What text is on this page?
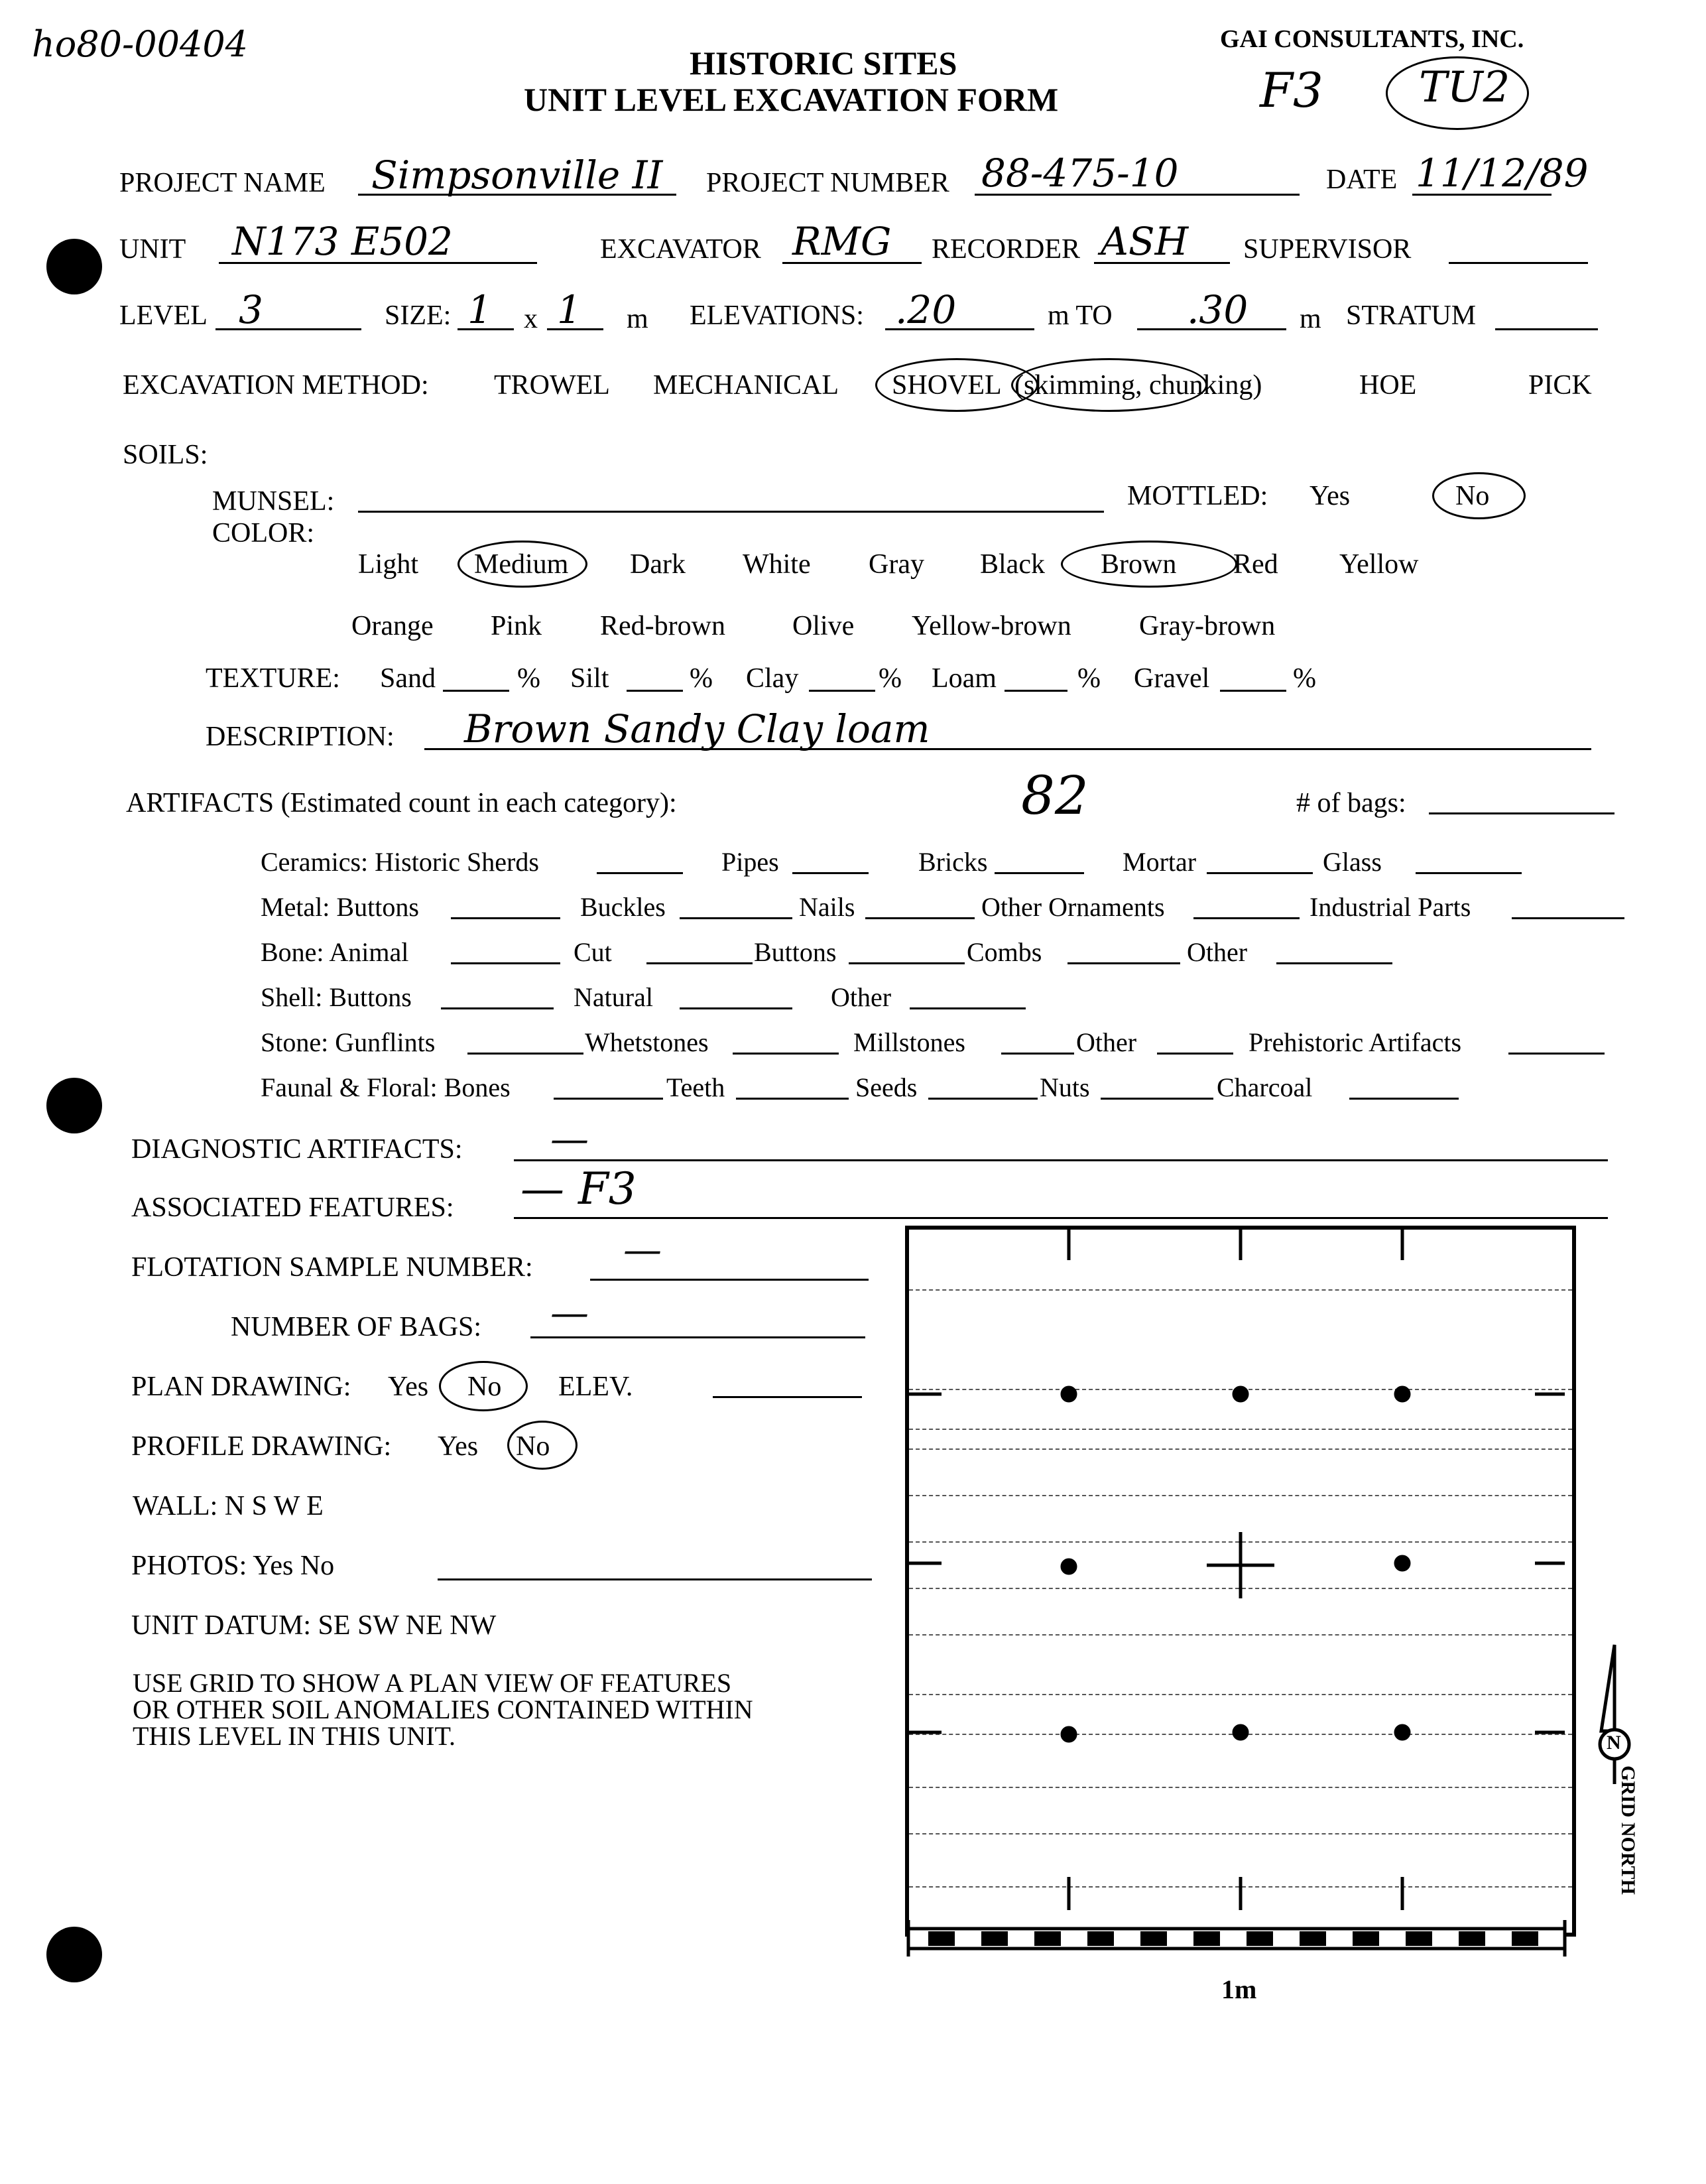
ho80-00404	HISTORIC SITES
UNIT LEVEL EXCAVATION FORM
GAI CONSULTANTS, INC.
F3 TU2
PROJECT NAME Simpsonville II PROJECT NUMBER 88-475-10	DATE 11/12/89
UNIT N173 E502	EXCAVATOR RMG RECORDER ASH SUPERVISOR
LEVEL 3	SIZE: 1 x 1 m ELEVATIONS: .20	m TO .30 m STRATUM
EXCAVATION METHOD: TROWEL MECHANICAL SHOVEL (skimming, chunking)	HOE	PICK
SOILS:
MUNSEL:
COLOR:
MOTTLED: Yes	No
Light Medium Dark White Gray Black Brown Red Yellow
Orange Pink Red-brown Olive Yellow-brown Gray-brown
TEXTURE: Sand	% Silt	% Clay	% Loam	% Gravel	%
DESCRIPTION: Brown Sandy Clay loam
ARTIFACTS (Estimated count in each category):	82	# of bags:
Ceramics: Historic Sherds	Pipes	Bricks	Mortar	Glass
Metal: Buttons	Buckles	Nails	Other Ornaments	Industrial Parts
Bone: Animal	Cut	Buttons	Combs	Other
Shell: Buttons	Natural	Other
Stone: Gunflints	Whetstones	Millstones	Other	Prehistoric Artifacts
Faunal & Floral: Bones	Teeth	Seeds	Nuts	Charcoal
DIAGNOSTIC ARTIFACTS: —
ASSOCIATED FEATURES: — F3
FLOTATION SAMPLE NUMBER: —
NUMBER OF BAGS: —
PLAN DRAWING: Yes No ELEV.
PROFILE DRAWING: Yes No
WALL: N S W E
PHOTOS: Yes No
UNIT DATUM: SE SW NE NW
USE GRID TO SHOW A PLAN VIEW OF FEATURES
OR OTHER SOIL ANOMALIES CONTAINED WITHIN
THIS LEVEL IN THIS UNIT.
1m
N
GRID NORTH
